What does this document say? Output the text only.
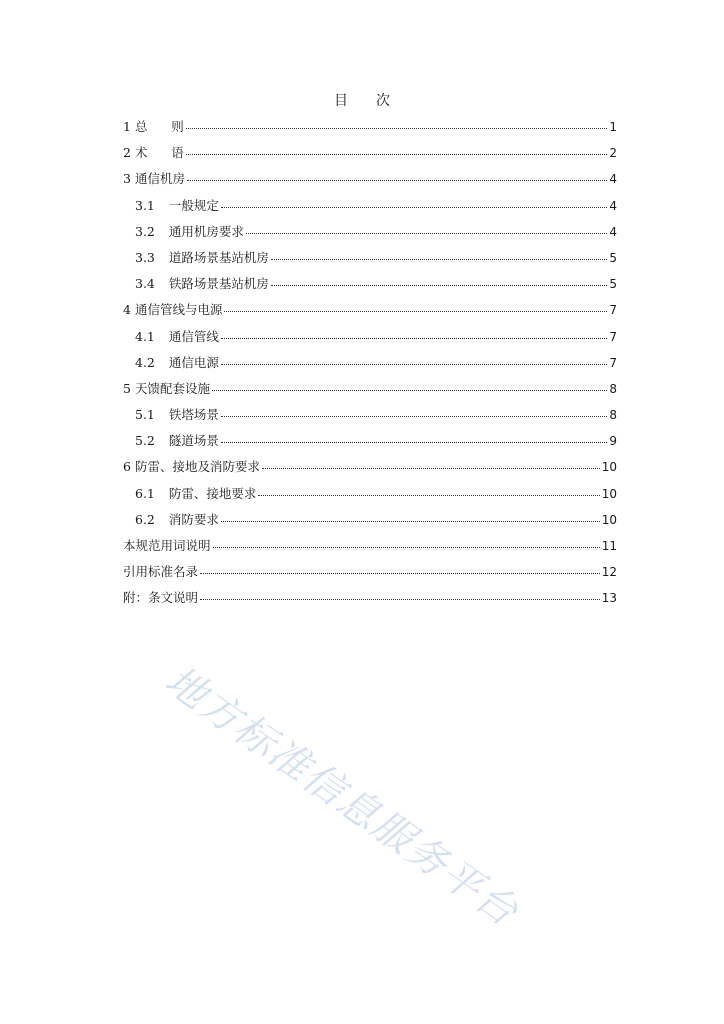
目 次
1 总      则	1
2 术      语	2
3 通信机房	4
3.1 一般规定	4
3.2 通用机房要求	4
3.3 道路场景基站机房	5
3.4 铁路场景基站机房	5
4 通信管线与电源	7
4.1 通信管线	7
4.2 通信电源	7
5 天馈配套设施	8
5.1 铁塔场景	8
5.2 隧道场景	9
6 防雷、接地及消防要求	10
6.1 防雷、接地要求	10
6.2 消防要求	10
本规范用词说明	11
引用标准名录	12
附：条文说明	13
地方标准信息服务平台
